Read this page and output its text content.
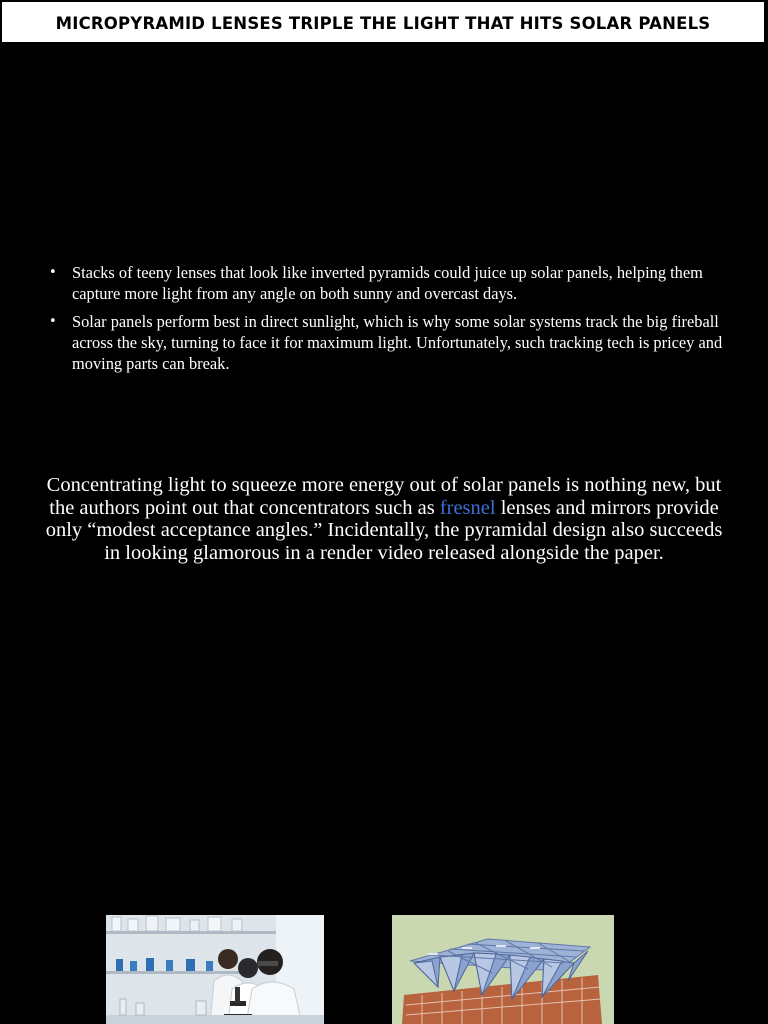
MICROPYRAMID LENSES TRIPLE THE LIGHT THAT HITS SOLAR PANELS
• Stacks of teeny lenses that look like inverted pyramids could juice up solar panels, helping them capture more light from any angle on both sunny and overcast days.
• Solar panels perform best in direct sunlight, which is why some solar systems track the big fireball across the sky, turning to face it for maximum light. Unfortunately, such tracking tech is pricey and moving parts can break.

Concentrating light to squeeze more energy out of solar panels is nothing new, but the authors point out that concentrators such as fresnel lenses and mirrors provide only “modest acceptance angles.” Incidentally, the pyramidal design also succeeds in looking glamorous in a render video released alongside the paper.
